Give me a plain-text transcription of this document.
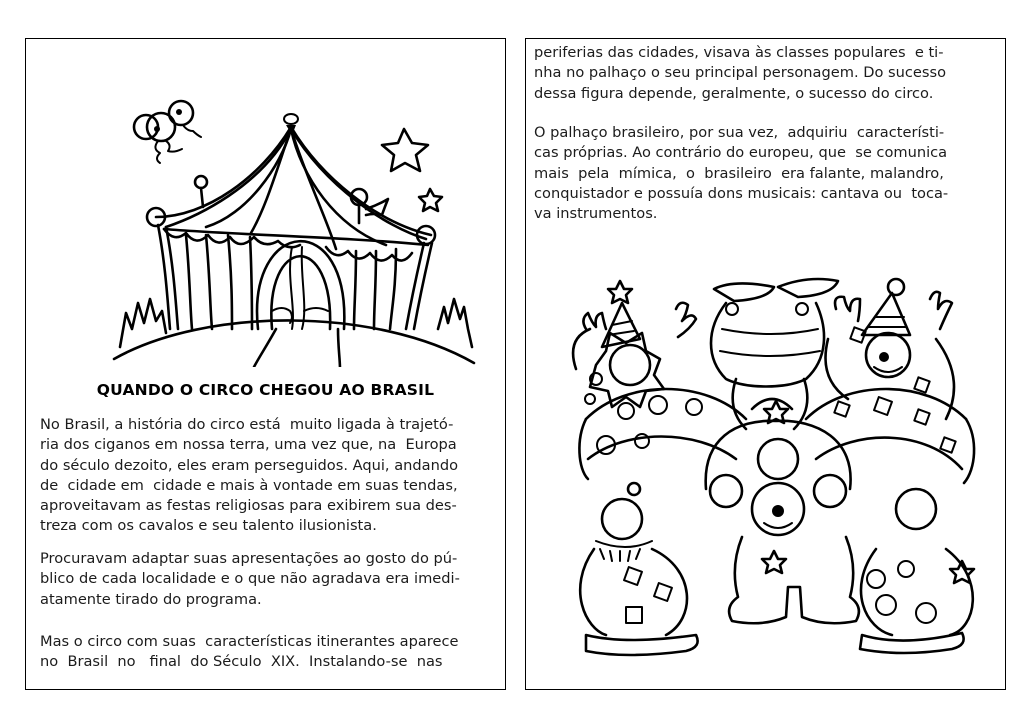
QUANDO O CIRCO CHEGOU AO BRASIL

No Brasil, a história do circo está  muito ligada à trajetó-
ria dos ciganos em nossa terra, uma vez que, na  Europa
do século dezoito, eles eram perseguidos. Aqui, andando
de  cidade em  cidade e mais à vontade em suas tendas,
aproveitavam as festas religiosas para exibirem sua des-
treza com os cavalos e seu talento ilusionista.

Procuravam adaptar suas apresentações ao gosto do pú-
blico de cada localidade e o que não agradava era imedi-
atamente tirado do programa.

Mas o circo com suas  características itinerantes aparece
no  Brasil  no   final  do Século  XIX.  Instalando-se  nas

periferias das cidades, visava às classes populares  e ti-
nha no palhaço o seu principal personagem. Do sucesso
dessa figura depende, geralmente, o sucesso do circo.

O palhaço brasileiro, por sua vez,  adquiriu  característi-
cas próprias. Ao contrário do europeu, que  se comunica
mais  pela  mímica,  o  brasileiro  era falante, malandro,
conquistador e possuía dons musicais: cantava ou  toca-
va instrumentos.
